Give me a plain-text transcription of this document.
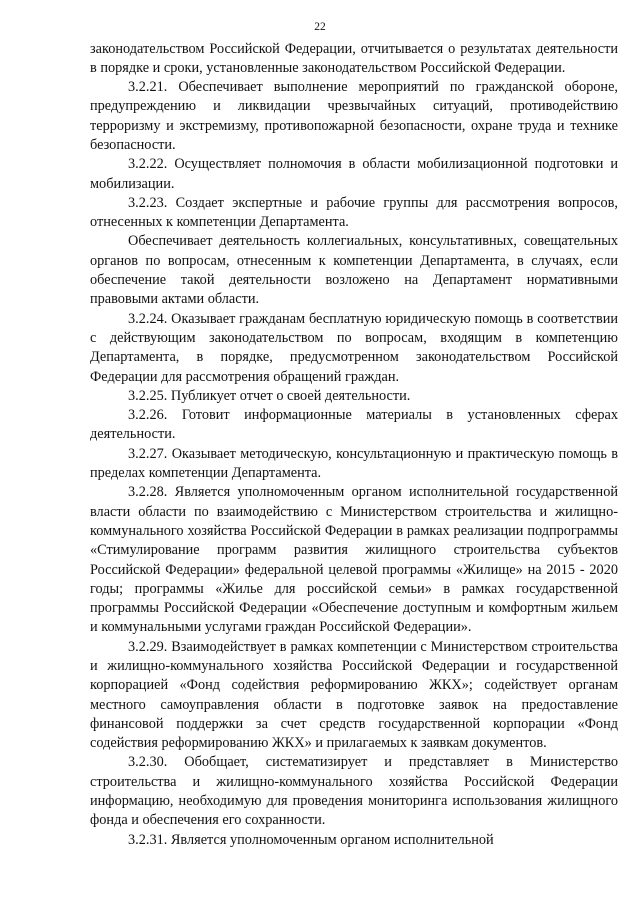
22

законодательством Российской Федерации, отчитывается о результатах деятельности в порядке и сроки, установленные законодательством Российской Федерации.

3.2.21. Обеспечивает выполнение мероприятий по гражданской обороне, предупреждению и ликвидации чрезвычайных ситуаций, противодействию терроризму и экстремизму, противопожарной безопасности, охране труда и технике безопасности.

3.2.22. Осуществляет полномочия в области мобилизационной подготовки и мобилизации.

3.2.23. Создает экспертные и рабочие группы для рассмотрения вопросов, отнесенных к компетенции Департамента.

Обеспечивает деятельность коллегиальных, консультативных, совещательных органов по вопросам, отнесенным к компетенции Департамента, в случаях, если обеспечение такой деятельности возложено на Департамент нормативными правовыми актами области.

3.2.24. Оказывает гражданам бесплатную юридическую помощь в соответствии с действующим законодательством по вопросам, входящим в компетенцию Департамента, в порядке, предусмотренном законодательством Российской Федерации для рассмотрения обращений граждан.

3.2.25. Публикует отчет о своей деятельности.

3.2.26. Готовит информационные материалы в установленных сферах деятельности.

3.2.27. Оказывает методическую, консультационную и практическую помощь в пределах компетенции Департамента.

3.2.28. Является уполномоченным органом исполнительной государственной власти области по взаимодействию с Министерством строительства и жилищно-коммунального хозяйства Российской Федерации в рамках реализации подпрограммы «Стимулирование программ развития жилищного строительства субъектов Российской Федерации» федеральной целевой программы «Жилище» на 2015 - 2020 годы; программы «Жилье для российской семьи» в рамках государственной программы Российской Федерации «Обеспечение доступным и комфортным жильем и коммунальными услугами граждан Российской Федерации».

3.2.29. Взаимодействует в рамках компетенции с Министерством строительства и жилищно-коммунального хозяйства Российской Федерации и государственной корпорацией «Фонд содействия реформированию ЖКХ»; содействует органам местного самоуправления области в подготовке заявок на предоставление финансовой поддержки за счет средств государственной корпорации «Фонд содействия реформированию ЖКХ» и прилагаемых к заявкам документов.

3.2.30. Обобщает, систематизирует и представляет в Министерство строительства и жилищно-коммунального хозяйства Российской Федерации информацию, необходимую для проведения мониторинга использования жилищного фонда и обеспечения его сохранности.

3.2.31. Является уполномоченным органом исполнительной
